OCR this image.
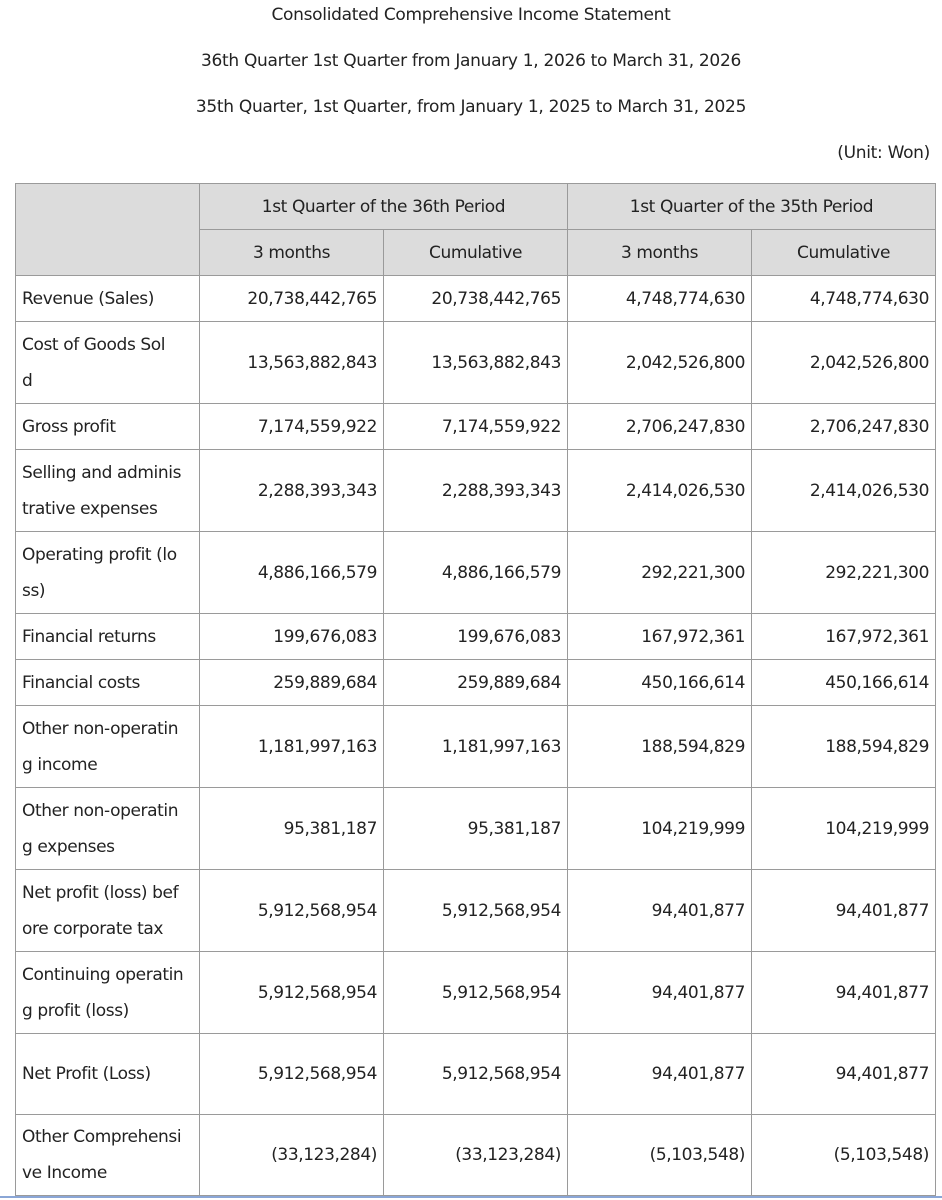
Consolidated Comprehensive Income Statement
36th Quarter 1st Quarter from January 1, 2026 to March 31, 2026
35th Quarter, 1st Quarter, from January 1, 2025 to March 31, 2025
(Unit: Won)
	1st Quarter of the 36th Period		1st Quarter of the 35th Period	
	3 months	Cumulative	3 months	Cumulative
Revenue (Sales)	20,738,442,765	20,738,442,765	4,748,774,630	4,748,774,630
Cost of Goods Sol
d	13,563,882,843	13,563,882,843	2,042,526,800	2,042,526,800
Gross profit	7,174,559,922	7,174,559,922	2,706,247,830	2,706,247,830
Selling and adminis
trative expenses	2,288,393,343	2,288,393,343	2,414,026,530	2,414,026,530
Operating profit (lo
ss)	4,886,166,579	4,886,166,579	292,221,300	292,221,300
Financial returns	199,676,083	199,676,083	167,972,361	167,972,361
Financial costs	259,889,684	259,889,684	450,166,614	450,166,614
Other non-operatin
g income	1,181,997,163	1,181,997,163	188,594,829	188,594,829
Other non-operatin
g expenses	95,381,187	95,381,187	104,219,999	104,219,999
Net profit (loss) bef
ore corporate tax	5,912,568,954	5,912,568,954	94,401,877	94,401,877
Continuing operatin
g profit (loss)	5,912,568,954	5,912,568,954	94,401,877	94,401,877
Net Profit (Loss)	5,912,568,954	5,912,568,954	94,401,877	94,401,877
Other Comprehensi
ve Income	(33,123,284)	(33,123,284)	(5,103,548)	(5,103,548)
